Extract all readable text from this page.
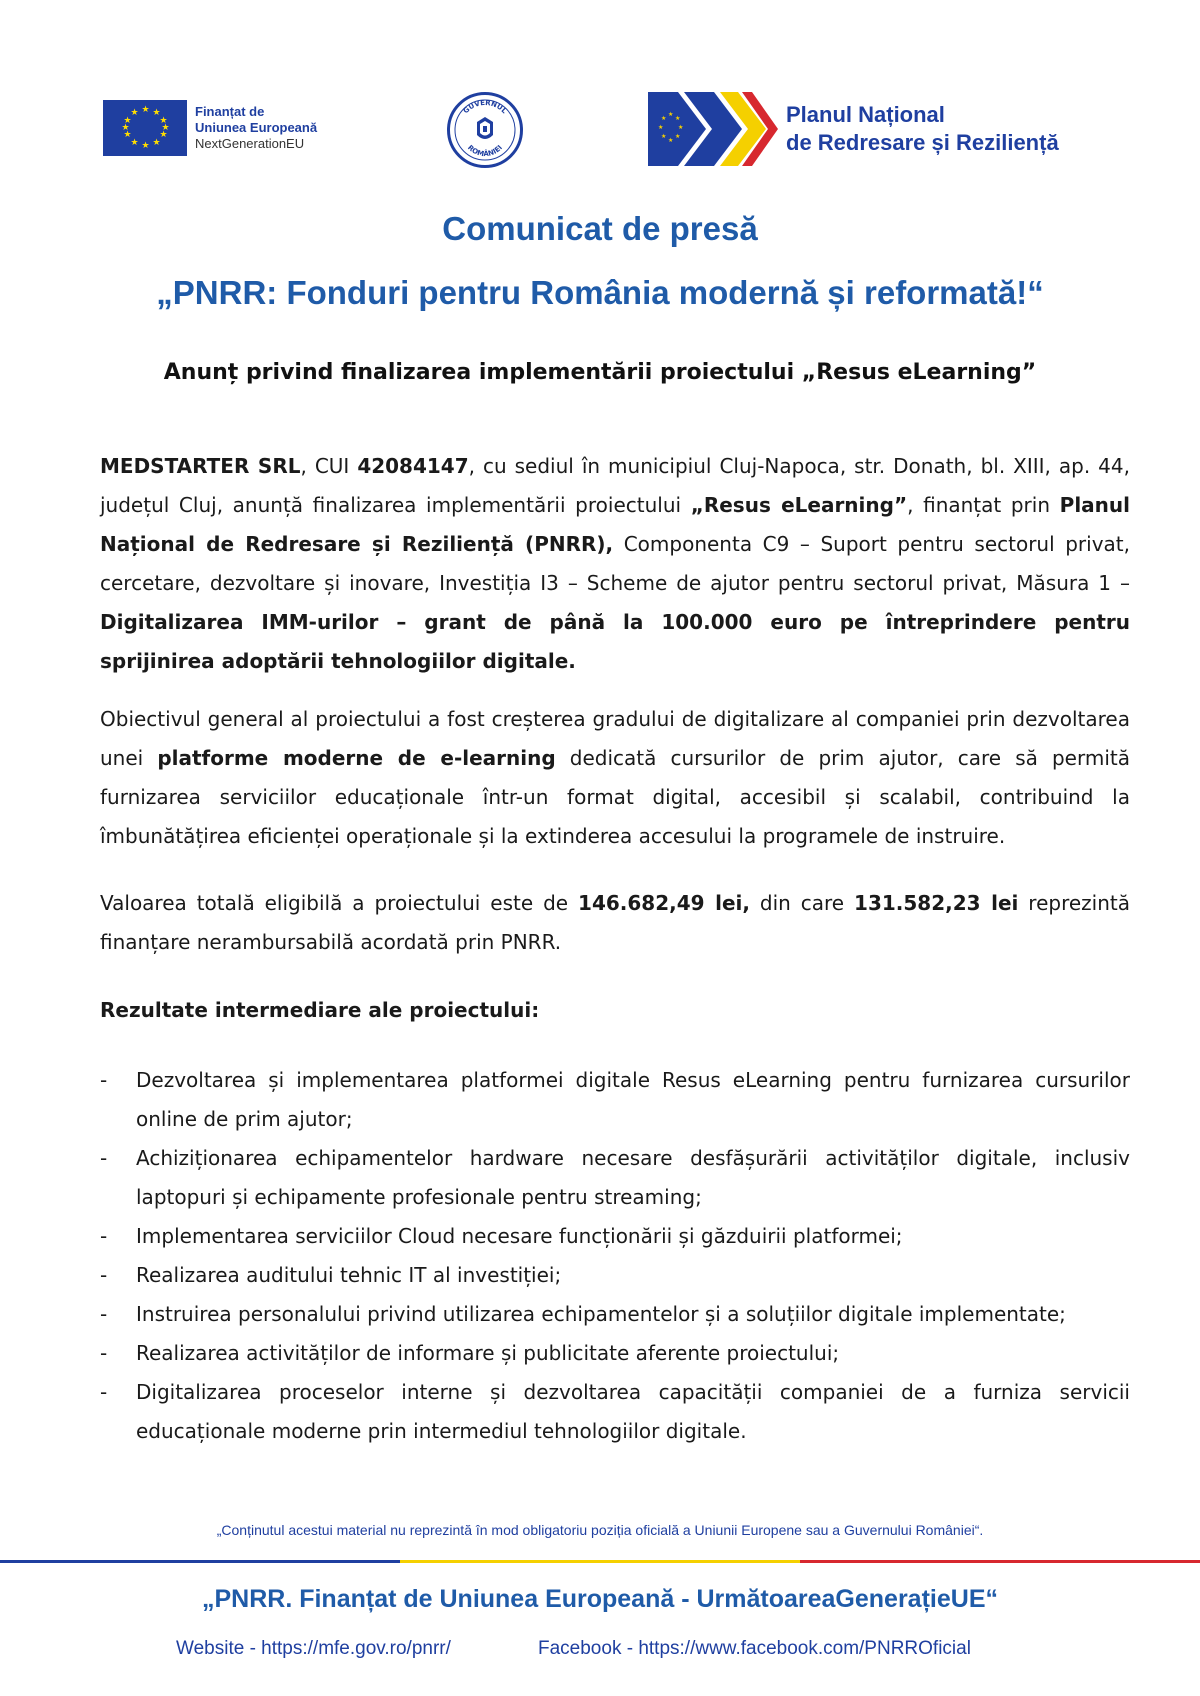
★ ★
★
★
★
★
★
★
★
★
★
★	Finanțat de
Uniunea Europeană
NextGenerationEU
GUVERNUL
ROMÂNIEI
★
★
★
★
★
★
★
★	Planul Național
de Redresare și Reziliență
Comunicat de presă
„PNRR: Fonduri pentru România modernă și reformată!“
Anunț privind finalizarea implementării proiectului „Resus eLearning”
MEDSTARTER SRL, CUI 42084147, cu sediul în municipiul Cluj-Napoca, str. Donath, bl. XIII, ap. 44, județul Cluj, anunță finalizarea implementării proiectului „Resus eLearning”, finanțat prin Planul Național de Redresare și Reziliență (PNRR), Componenta C9 – Suport pentru sectorul privat, cercetare, dezvoltare și inovare, Investiția I3 – Scheme de ajutor pentru sectorul privat, Măsura 1 – Digitalizarea IMM-urilor – grant de până la 100.000 euro pe întreprindere pentru sprijinirea adoptării tehnologiilor digitale.
Obiectivul general al proiectului a fost creșterea gradului de digitalizare al companiei prin dezvoltarea unei platforme moderne de e-learning dedicată cursurilor de prim ajutor, care să permită furnizarea serviciilor educaționale într-un format digital, accesibil și scalabil, contribuind la îmbunătățirea eficienței operaționale și la extinderea accesului la programele de instruire.
Valoarea totală eligibilă a proiectului este de 146.682,49 lei, din care 131.582,23 lei reprezintă finanțare nerambursabilă acordată prin PNRR.
Rezultate intermediare ale proiectului:
- Dezvoltarea și implementarea platformei digitale Resus eLearning pentru furnizarea cursurilor online de prim ajutor;
- Achiziționarea echipamentelor hardware necesare desfășurării activităților digitale, inclusiv laptopuri și echipamente profesionale pentru streaming;
- Implementarea serviciilor Cloud necesare funcționării și găzduirii platformei;
- Realizarea auditului tehnic IT al investiției;
- Instruirea personalului privind utilizarea echipamentelor și a soluțiilor digitale implementate;
- Realizarea activităților de informare și publicitate aferente proiectului;
- Digitalizarea proceselor interne și dezvoltarea capacității companiei de a furniza servicii educaționale moderne prin intermediul tehnologiilor digitale.
„Conținutul acestui material nu reprezintă în mod obligatoriu poziția oficială a Uniunii Europene sau a Guvernului României“.
„PNRR. Finanțat de Uniunea Europeană - UrmătoareaGenerațieUE“
Website - https://mfe.gov.ro/pnrr/	Facebook - https://www.facebook.com/PNRROficial
